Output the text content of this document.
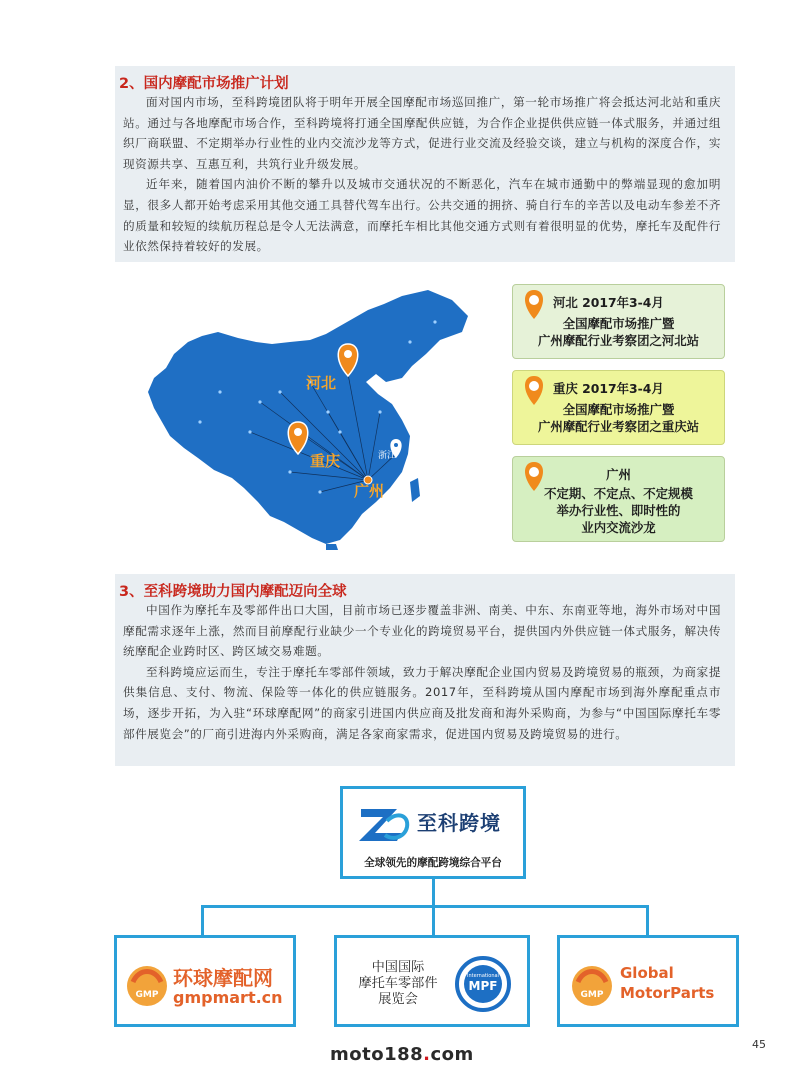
2、国内摩配市场推广计划

面对国内市场，至科跨境团队将于明年开展全国摩配市场巡回推广，第一轮市场推广将会抵达河北站和重庆站。通过与各地摩配市场合作，至科跨境将打通全国摩配供应链，为合作企业提供供应链一体式服务，并通过组织厂商联盟、不定期举办行业性的业内交流沙龙等方式，促进行业交流及经验交谈，建立与机构的深度合作，实现资源共享、互惠互利，共筑行业升级发展。

近年来，随着国内油价不断的攀升以及城市交通状况的不断恶化，汽车在城市通勤中的弊端显现的愈加明显，很多人都开始考虑采用其他交通工具替代驾车出行。公共交通的拥挤、骑自行车的辛苦以及电动车参差不齐的质量和较短的续航历程总是令人无法满意，而摩托车相比其他交通方式则有着很明显的优势，摩托车及配件行业依然保持着较好的发展。

河北
重庆
广州
浙江
河北 2017年3-4月
全国摩配市场推广暨
广州摩配行业考察团之河北站
重庆 2017年3-4月
全国摩配市场推广暨
广州摩配行业考察团之重庆站
广州
不定期、不定点、不定规模
举办行业性、即时性的
业内交流沙龙
3、至科跨境助力国内摩配迈向全球

中国作为摩托车及零部件出口大国，目前市场已逐步覆盖非洲、南美、中东、东南亚等地，海外市场对中国摩配需求逐年上涨，然而目前摩配行业缺少一个专业化的跨境贸易平台，提供国内外供应链一体式服务，解决传统摩配企业跨时区、跨区域交易难题。

至科跨境应运而生，专注于摩托车零部件领域，致力于解决摩配企业国内贸易及跨境贸易的瓶颈，为商家提供集信息、支付、物流、保险等一体化的供应链服务。2017年，至科跨境从国内摩配市场到海外摩配重点市场，逐步开拓，为入驻“环球摩配网”的商家引进国内供应商及批发商和海外采购商，为参与“中国国际摩托车零部件展览会”的厂商引进海内外采购商，满足各家商家需求，促进国内贸易及跨境贸易的进行。

至科跨境
全球领先的摩配跨境综合平台
GMP
环球摩配网
gmpmart.cn
中国国际
摩托车零部件
展览会
International
MPF
GMP
Global
MotorParts
45
moto188.com
